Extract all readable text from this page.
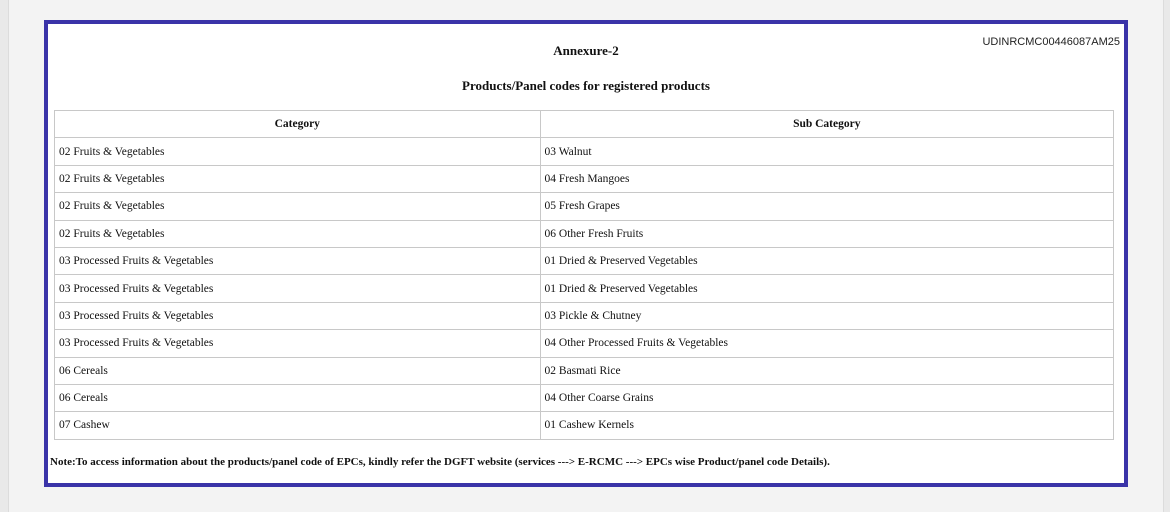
UDINRCMC00446087AM25
Annexure-2
Products/Panel codes for registered products
Category	Sub Category
02 Fruits & Vegetables	03 Walnut
02 Fruits & Vegetables	04 Fresh Mangoes
02 Fruits & Vegetables	05 Fresh Grapes
02 Fruits & Vegetables	06 Other Fresh Fruits
03 Processed Fruits & Vegetables	01 Dried & Preserved Vegetables
03 Processed Fruits & Vegetables	01 Dried & Preserved Vegetables
03 Processed Fruits & Vegetables	03 Pickle & Chutney
03 Processed Fruits & Vegetables	04 Other Processed Fruits & Vegetables
06 Cereals	02 Basmati Rice
06 Cereals	04 Other Coarse Grains
07 Cashew	01 Cashew Kernels
Note:To access information about the products/panel code of EPCs, kindly refer the DGFT website (services ---> E-RCMC ---> EPCs wise Product/panel code Details).
